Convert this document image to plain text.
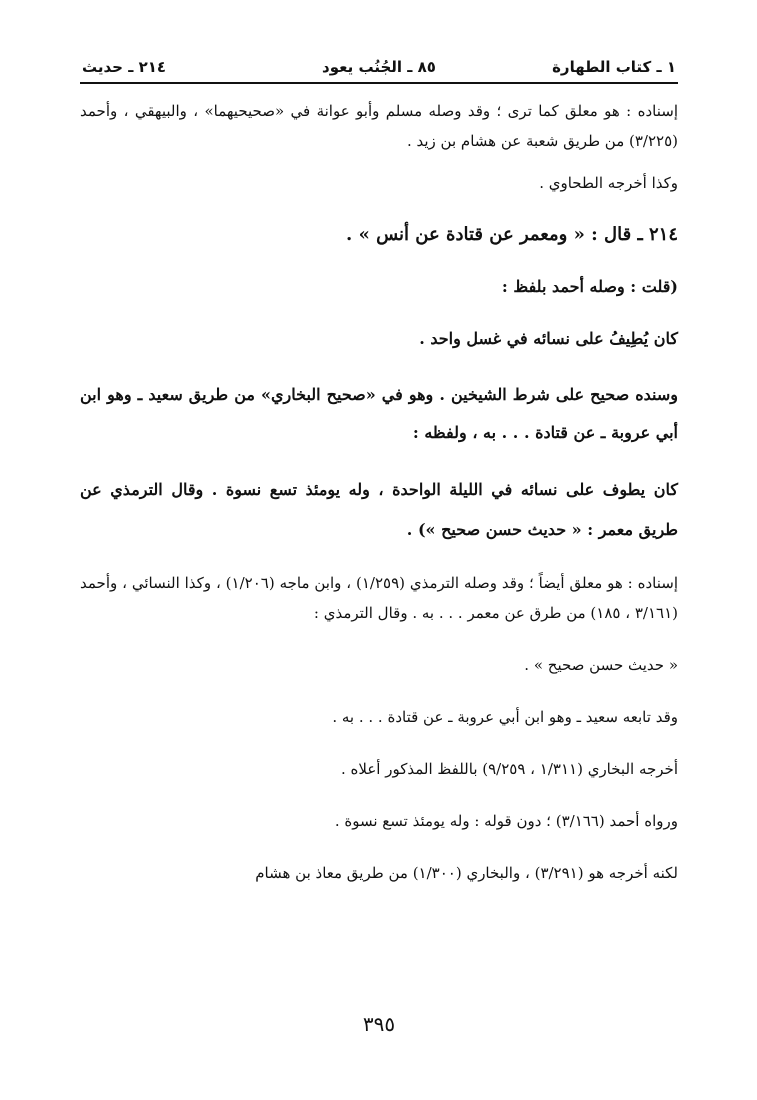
١ ـ كتاب الطهارة
٨٥ ـ الجُنُب يعود
٢١٤ ـ حديث

إسناده : هو معلق كما ترى ؛ وقد وصله مسلم وأبو عوانة في «صحيحيهما» ، والبيهقي ، وأحمد (٣/٢٢٥) من طريق شعبة عن هشام بن زيد .

وكذا أخرجه الطحاوي .

٢١٤ ـ قال : « ومعمر عن قتادة عن أنس » .

(قلت : وصله أحمد بلفظ :

كان يُطِيفُ على نسائه في غسل واحد .

وسنده صحيح على شرط الشيخين . وهو في «صحيح البخاري» من طريق سعيد ـ وهو ابن أبي عروبة ـ عن قتادة . . . به ، ولفظه :

كان يطوف على نسائه في الليلة الواحدة ، وله يومئذ تسع نسوة . وقال الترمذي عن طريق معمر : « حديث حسن صحيح ») .

إسناده : هو معلق أيضاً ؛ وقد وصله الترمذي (١/٢٥٩) ، وابن ماجه (١/٢٠٦) ، وكذا النسائي ، وأحمد (٣/١٦١ ، ١٨٥) من طرق عن معمر . . . به . وقال الترمذي :

« حديث حسن صحيح » .

وقد تابعه سعيد ـ وهو ابن أبي عروبة ـ عن قتادة . . . به .

أخرجه البخاري (١/٣١١ ، ٩/٢٥٩) باللفظ المذكور أعلاه .

ورواه أحمد (٣/١٦٦) ؛ دون قوله : وله يومئذ تسع نسوة .

لكنه أخرجه هو (٣/٢٩١) ، والبخاري (١/٣٠٠) من طريق معاذ بن هشام

٣٩٥
